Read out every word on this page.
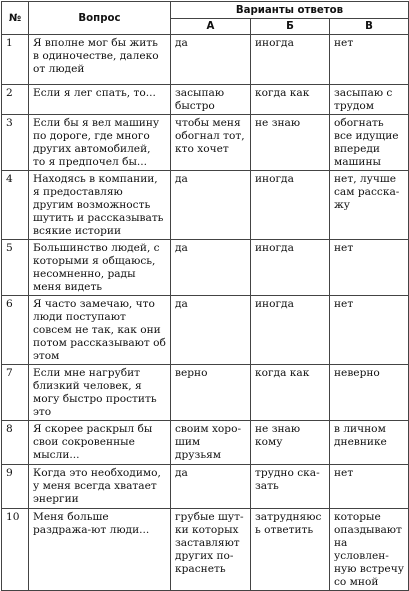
№	Вопрос	Варианты ответов		
		А	Б	В
1	Я вполне мог бы жить в одиночестве, далеко от людей	да	иногда	нет
2	Если я лег спать, то...	засыпаю быстро	когда как	засыпаю с трудом
3	Если бы я вел машину по дороге, где много других автомобилей, то я предпочел бы...	чтобы меня обогнал тот, кто хочет	не знаю	обогнать все идущие впереди машины
4	Находясь в компании, я предоставляю другим возможность шутить и рассказывать всякие истории	да	иногда	нет, лучше сам расска-жу
5	Большинство людей, с которыми я общаюсь, несомненно, рады меня видеть	да	иногда	нет
6	Я часто замечаю, что люди поступают совсем не так, как они потом рассказывают об этом	да	иногда	нет
7	Если мне нагрубит близкий человек, я могу быстро простить это	верно	когда как	неверно
8	Я скорее раскрыл бы свои сокровенные мысли...	своим хоро-шим друзьям	не знаю кому	в личном дневнике
9	Когда это необходимо, у меня всегда хватает энергии	да	трудно ска-зать	нет
10	Меня больше раздража-ют люди...	грубые шут-ки которых заставляют других по-краснеть	затрудняюсь ответить	которые опаздывают на условлен-ную встречу со мной
